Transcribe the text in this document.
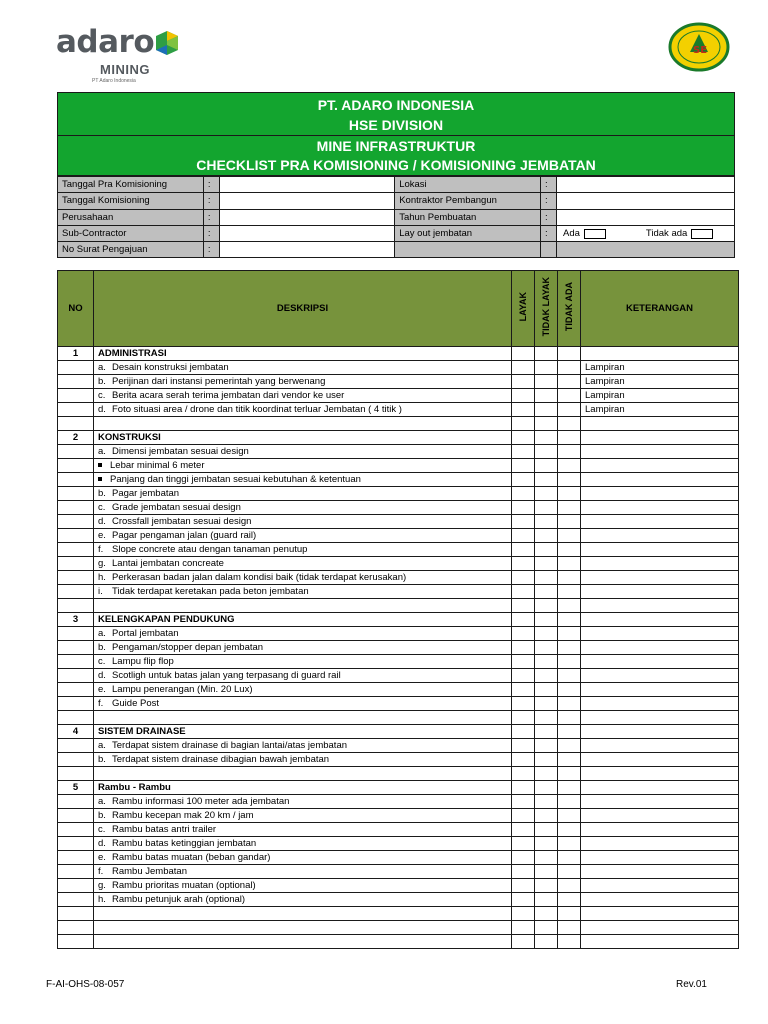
adaro
MINING
PT Adaro Indonesia
SE
PT. ADARO INDONESIA
HSE DIVISION
MINE INFRASTRUKTUR
CHECKLIST PRA KOMISIONING / KOMISIONING JEMBATAN
Tanggal Pra Komisioning	:		Lokasi	:	
Tanggal Komisioning	:		Kontraktor Pembangun	:	
Perusahaan	:		Tahun Pembuatan	:	
Sub-Contractor	:		Lay out jembatan	:	Ada Tidak ada
No Surat Pengajuan	:				
NO	DESKRIPSI	LAYAK	TIDAK LAYAK	TIDAK ADA	KETERANGAN
1	ADMINISTRASI				
	a. Desain konstruksi jembatan				Lampiran
	b. Perijinan dari instansi pemerintah yang berwenang				Lampiran
	c. Berita acara serah terima jembatan dari vendor ke user				Lampiran
	d. Foto situasi area / drone dan titik koordinat terluar Jembatan ( 4 titik )				Lampiran

2	KONSTRUKSI				
	a. Dimensi jembatan sesuai design				
	Lebar minimal 6 meter				
	Panjang dan tinggi jembatan sesuai kebutuhan & ketentuan				
	b. Pagar jembatan				
	c. Grade jembatan sesuai design				
	d. Crossfall jembatan sesuai design				
	e. Pagar pengaman jalan (guard rail)				
	f. Slope concrete atau dengan tanaman penutup				
	g. Lantai jembatan concreate				
	h. Perkerasan badan jalan dalam kondisi baik (tidak terdapat kerusakan)				
	i. Tidak terdapat keretakan pada beton jembatan				

3	KELENGKAPAN PENDUKUNG				
	a. Portal jembatan				
	b. Pengaman/stopper depan jembatan				
	c. Lampu flip flop				
	d. Scotligh untuk batas jalan yang terpasang di guard rail				
	e. Lampu penerangan (Min. 20 Lux)				
	f. Guide Post				

4	SISTEM DRAINASE				
	a. Terdapat sistem drainase di bagian lantai/atas jembatan				
	b. Terdapat sistem drainase dibagian bawah jembatan				

5	Rambu - Rambu				
	a. Rambu informasi 100 meter ada jembatan				
	b. Rambu kecepan mak 20 km / jam				
	c. Rambu batas antri trailer				
	d. Rambu batas ketinggian jembatan				
	e. Rambu batas muatan (beban gandar)				
	f. Rambu Jembatan				
	g. Rambu prioritas muatan (optional)				
	h. Rambu petunjuk arah (optional)				

F-AI-OHS-08-057	Rev.01
